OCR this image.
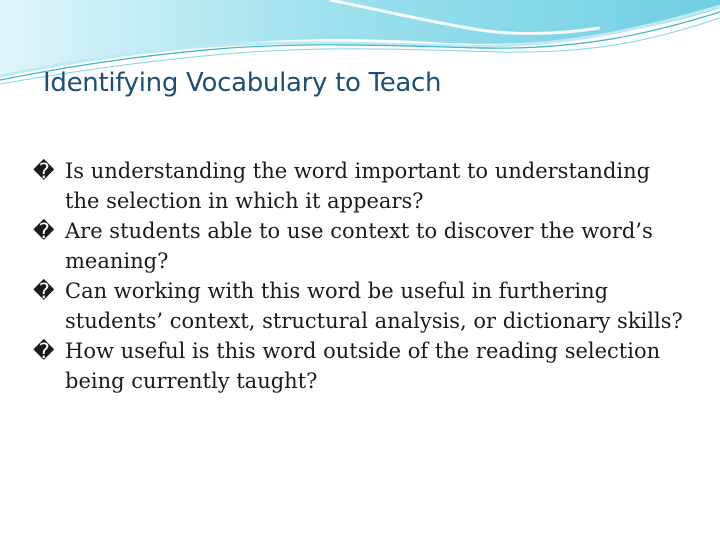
Identifying Vocabulary to Teach
� Is understanding the word important to understanding the selection in which it appears?
� Are students able to use context to discover the word’s meaning?
� Can working with this word be useful in furthering students’ context, structural analysis, or dictionary skills?
� How useful is this word outside of the reading selection being currently taught?
